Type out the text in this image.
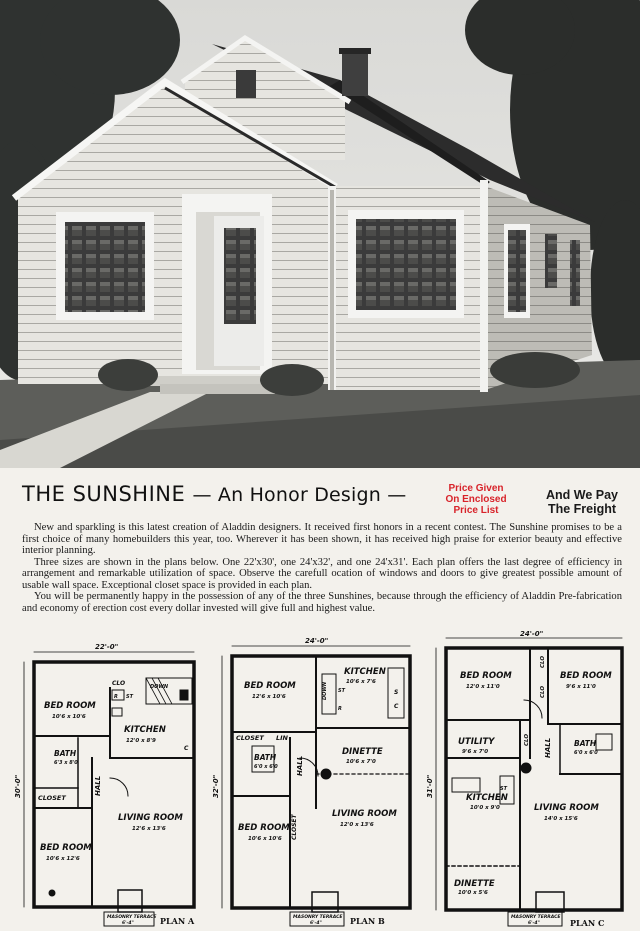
THE SUNSHINE — An Honor Design —	Price Given
On Enclosed
Price List
And We Pay
The Freight

New and sparkling is this latest creation of Aladdin designers. It received first honors in a recent contest. The Sunshine promises to be a first choice of many homebuilders this year, too. Wherever it has been shown, it has received high praise for exterior beauty and effective interior planning.

Three sizes are shown in the plans below. One 22'x30', one 24'x32', and one 24'x31'. Each plan offers the last degree of efficiency in arrangement and remarkable utilization of space. Observe the carefull ocation of windows and doors to give greatest possible amount of usable wall space. Exceptional closet space is provided in each plan.

You will be permanently happy in the possession of any of the three Sunshines, because through the efficiency of Aladdin Pre-fabrication and economy of erection cost every dollar invested will give full and highest value.

22'-0"
30'-0"
BED ROOM
10'6 x 10'6
KITCHEN
12'0 x 8'9
BATH
6'3 x 8'0
CLOSET
CLO	DOWN
R ST
C
HALL
LIVING ROOM
12'6 x 13'6
BED ROOM
10'6 x 12'6
MASONRY TERRACE
6'-4"	PLAN A
24'-0"
32'-0"
BED ROOM
12'6 x 10'6
KITCHEN
10'6 x 7'6
DOWN ST
R
S
C
CLOSET LIN
BATH
6'0 x 6'0	HALL
DINETTE
10'6 x 7'0
LIVING ROOM
12'0 x 13'6
BED ROOM
10'6 x 10'6 CLOSET
MASONRY TERRACE
6'-4"	PLAN B
24'-0"
31'-0"
BED ROOM
12'0 x 11'0
BED ROOM
9'6 x 11'0
CLO
CLO
CLO
UTILITY
9'6 x 7'0	HALL	BATH
6'0 x 6'0
KITCHEN
10'0 x 9'0
ST
LIVING ROOM
14'0 x 15'6
DINETTE
10'0 x 5'6
MASONRY TERRACE
6'-4"	PLAN C
